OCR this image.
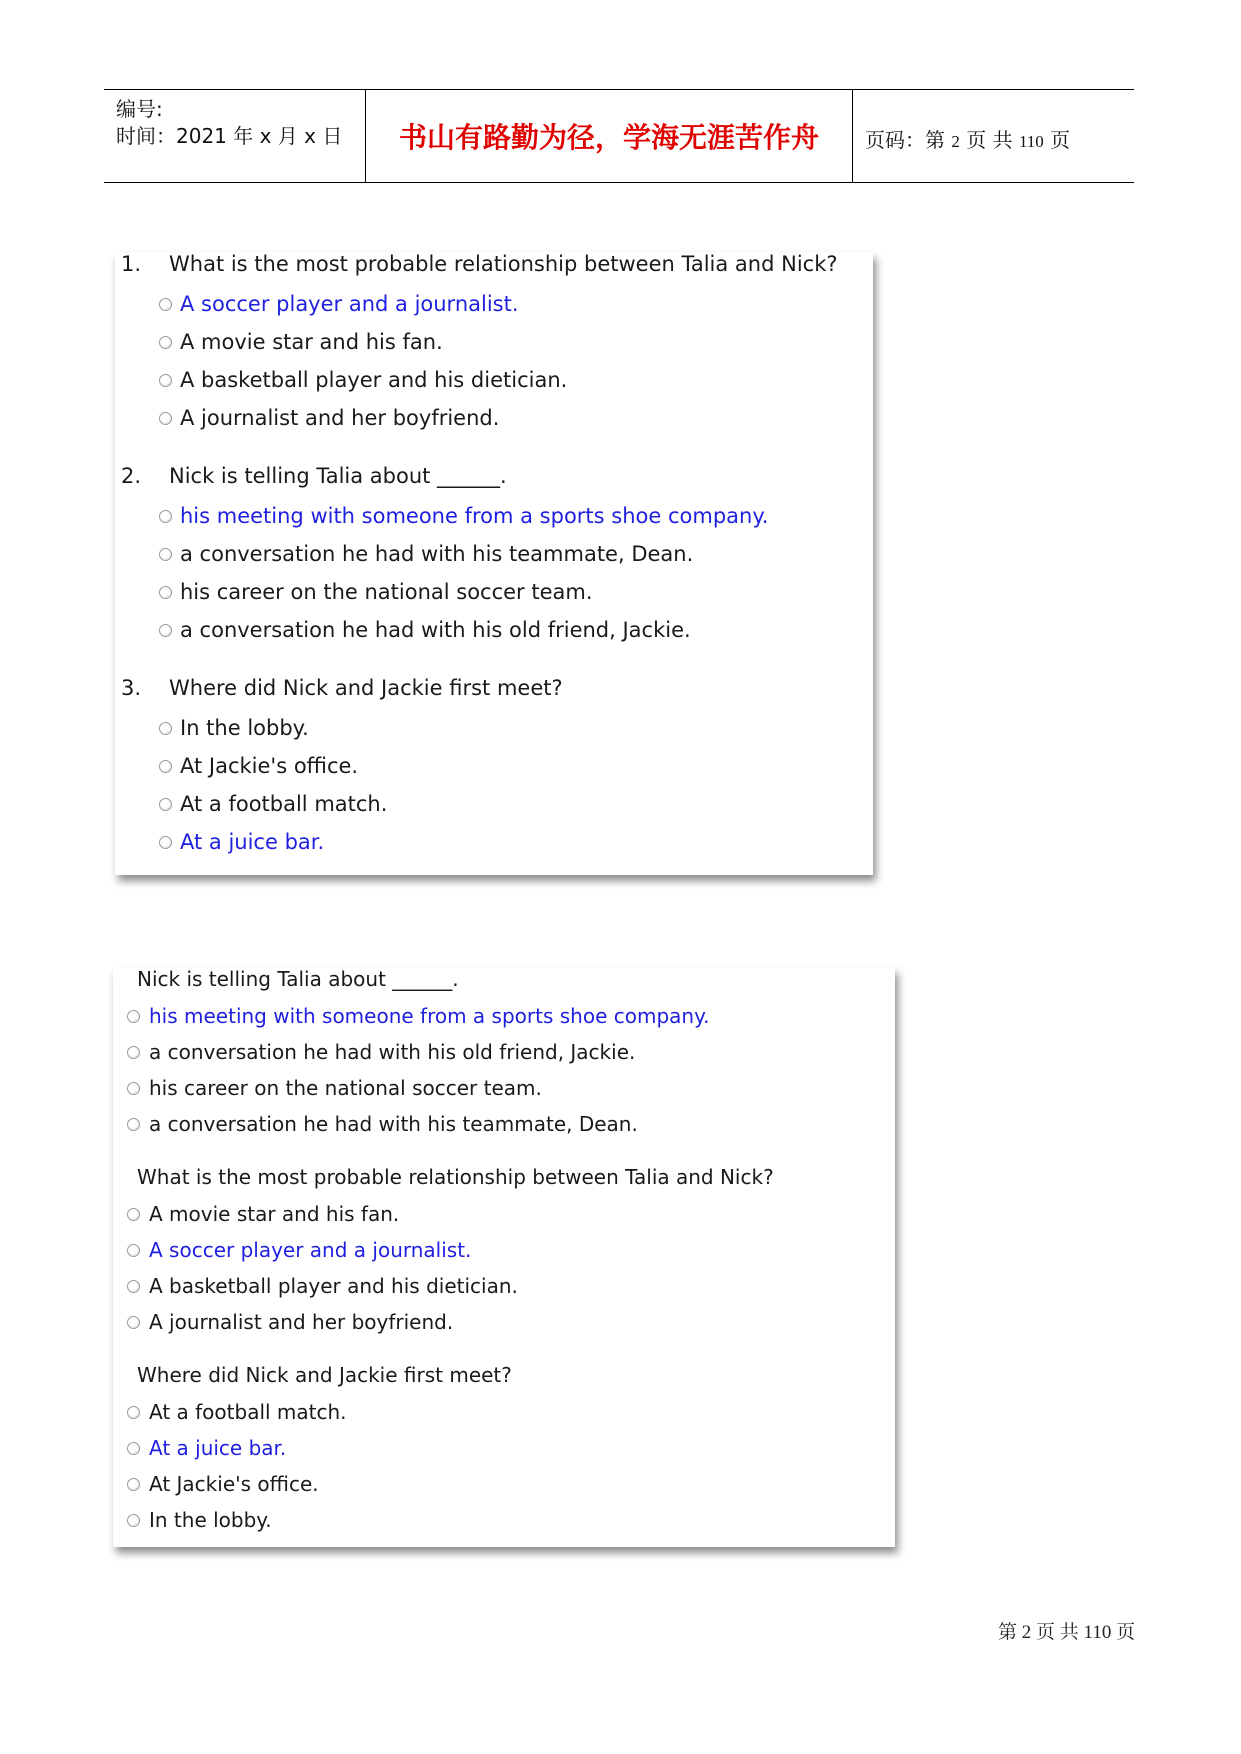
编号:
时间：2021 年 x 月 x 日	书山有路勤为径，学海无涯苦作舟	页码：第 2 页 共 110 页
1. What is the most probable relationship between Talia and Nick?
A soccer player and a journalist.
A movie star and his fan.
A basketball player and his dietician.
A journalist and her boyfriend.
2. Nick is telling Talia about ______.
his meeting with someone from a sports shoe company.
a conversation he had with his teammate, Dean.
his career on the national soccer team.
a conversation he had with his old friend, Jackie.
3. Where did Nick and Jackie first meet?
In the lobby.
At Jackie's office.
At a football match.
At a juice bar.
Nick is telling Talia about ______.
his meeting with someone from a sports shoe company.
a conversation he had with his old friend, Jackie.
his career on the national soccer team.
a conversation he had with his teammate, Dean.
What is the most probable relationship between Talia and Nick?
A movie star and his fan.
A soccer player and a journalist.
A basketball player and his dietician.
A journalist and her boyfriend.
Where did Nick and Jackie first meet?
At a football match.
At a juice bar.
At Jackie's office.
In the lobby.
第 2 页 共 110 页
